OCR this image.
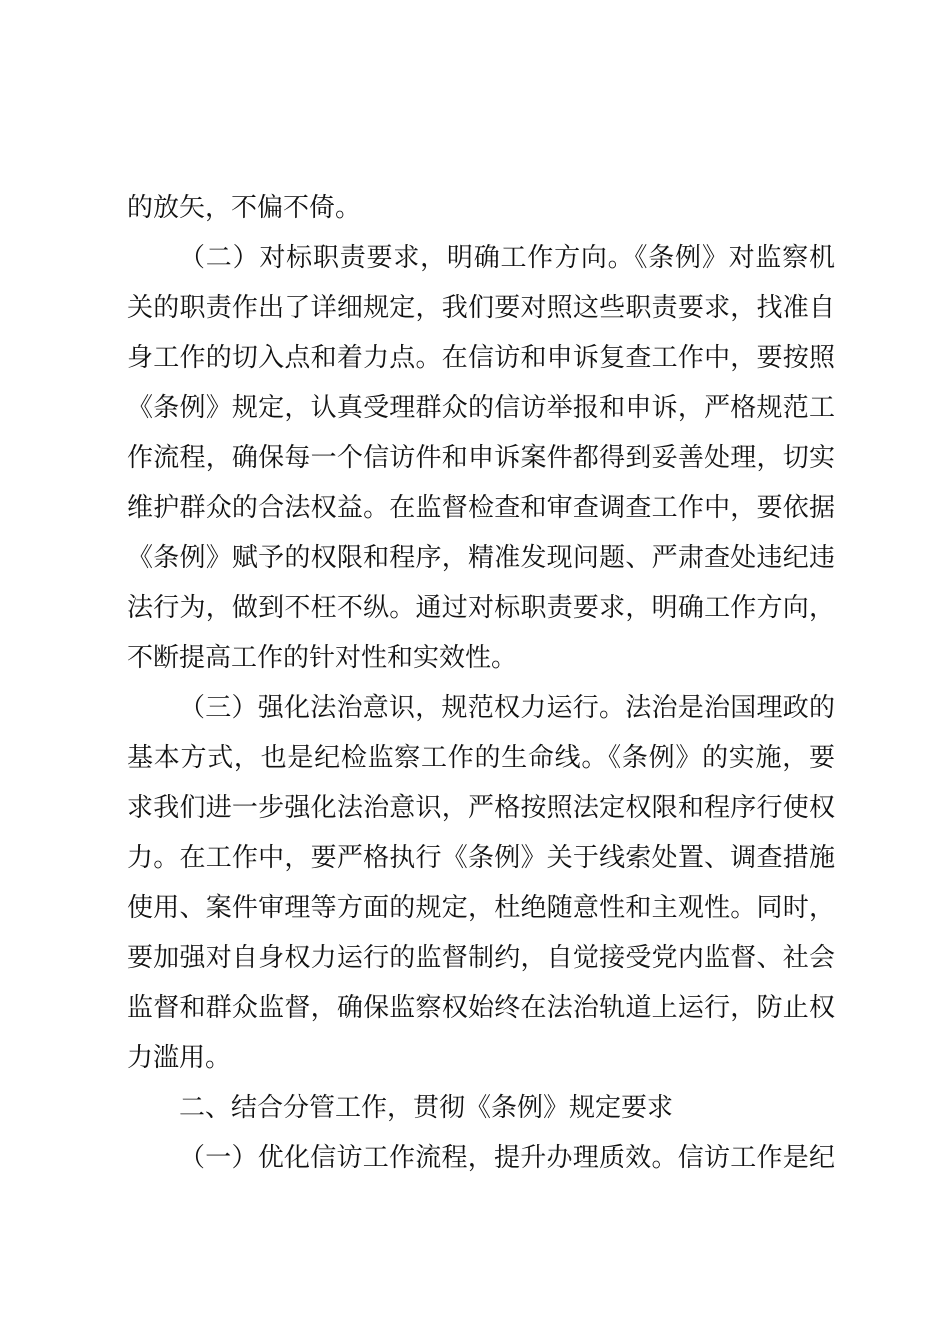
的放矢，不偏不倚。
（二）对标职责要求，明确工作方向。《条例》对监察机
关的职责作出了详细规定，我们要对照这些职责要求，找准自
身工作的切入点和着力点。在信访和申诉复查工作中，要按照
《条例》规定，认真受理群众的信访举报和申诉，严格规范工
作流程，确保每一个信访件和申诉案件都得到妥善处理，切实
维护群众的合法权益。在监督检查和审查调查工作中，要依据
《条例》赋予的权限和程序，精准发现问题、严肃查处违纪违
法行为，做到不枉不纵。通过对标职责要求，明确工作方向，
不断提高工作的针对性和实效性。
（三）强化法治意识，规范权力运行。法治是治国理政的
基本方式，也是纪检监察工作的生命线。《条例》的实施，要
求我们进一步强化法治意识，严格按照法定权限和程序行使权
力。在工作中，要严格执行《条例》关于线索处置、调查措施
使用、案件审理等方面的规定，杜绝随意性和主观性。同时，
要加强对自身权力运行的监督制约，自觉接受党内监督、社会
监督和群众监督，确保监察权始终在法治轨道上运行，防止权
力滥用。
二、结合分管工作，贯彻《条例》规定要求
（一）优化信访工作流程，提升办理质效。信访工作是纪
